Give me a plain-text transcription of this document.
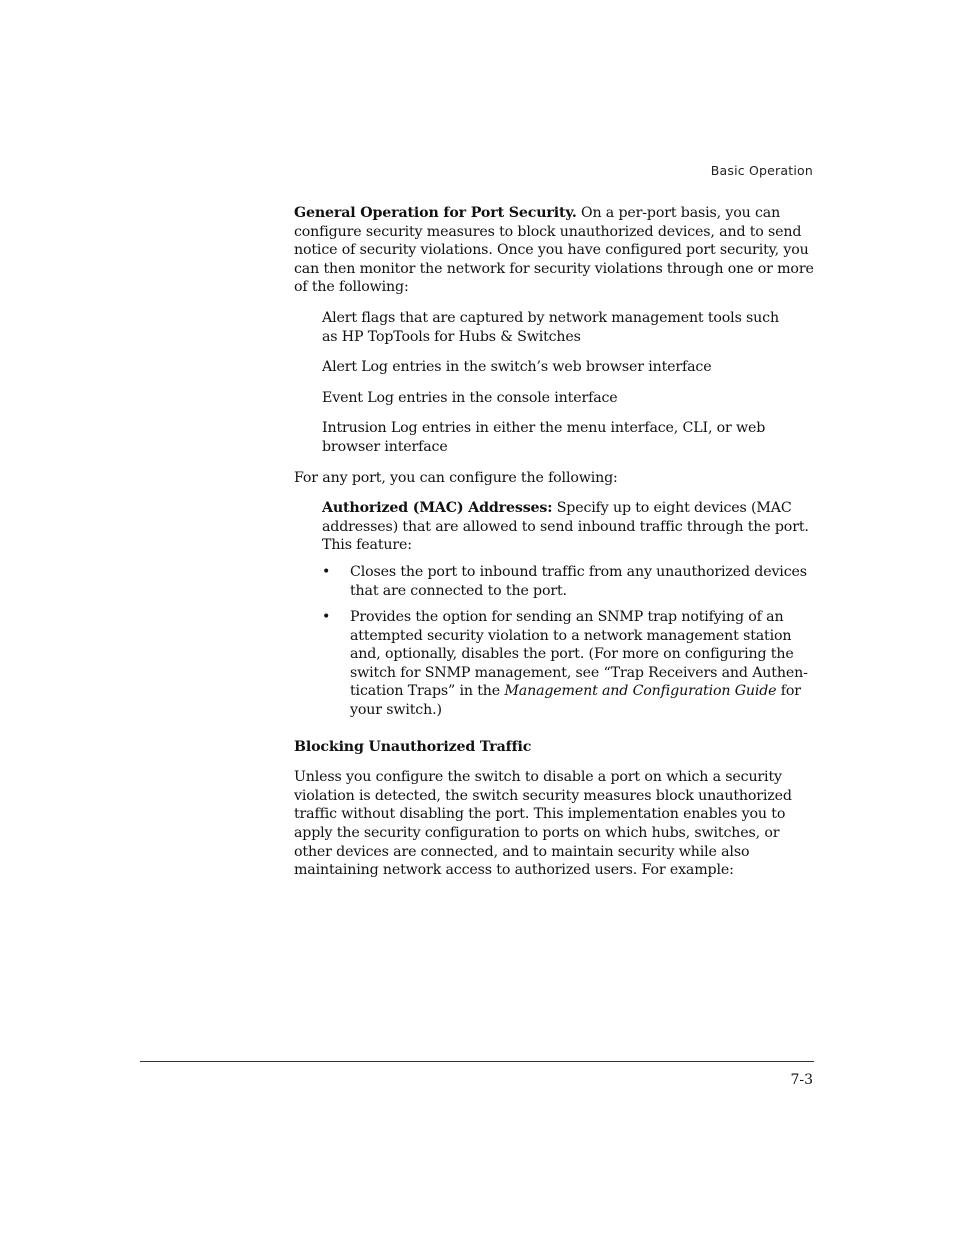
Basic Operation

General Operation for Port Security. On a per-port basis, you can configure security measures to block unauthorized devices, and to send notice of security violations. Once you have configured port security, you can then monitor the network for security violations through one or more of the following:

Alert flags that are captured by network management tools such as HP TopTools for Hubs & Switches

Alert Log entries in the switch’s web browser interface

Event Log entries in the console interface

Intrusion Log entries in either the menu interface, CLI, or web browser interface

For any port, you can configure the following:

Authorized (MAC) Addresses: Specify up to eight devices (MAC addresses) that are allowed to send inbound traffic through the port. This feature:

• Closes the port to inbound traffic from any unauthorized devices that are connected to the port.
• Provides the option for sending an SNMP trap notifying of an attempted security violation to a network management station and, optionally, disables the port. (For more on configuring the switch for SNMP management, see “Trap Receivers and Authentication Traps” in the Management and Configuration Guide for your switch.)

Blocking Unauthorized Traffic

Unless you configure the switch to disable a port on which a security violation is detected, the switch security measures block unauthorized traffic without disabling the port. This implementation enables you to apply the security configuration to ports on which hubs, switches, or other devices are connected, and to maintain security while also maintaining network access to authorized users. For example:

7-3
